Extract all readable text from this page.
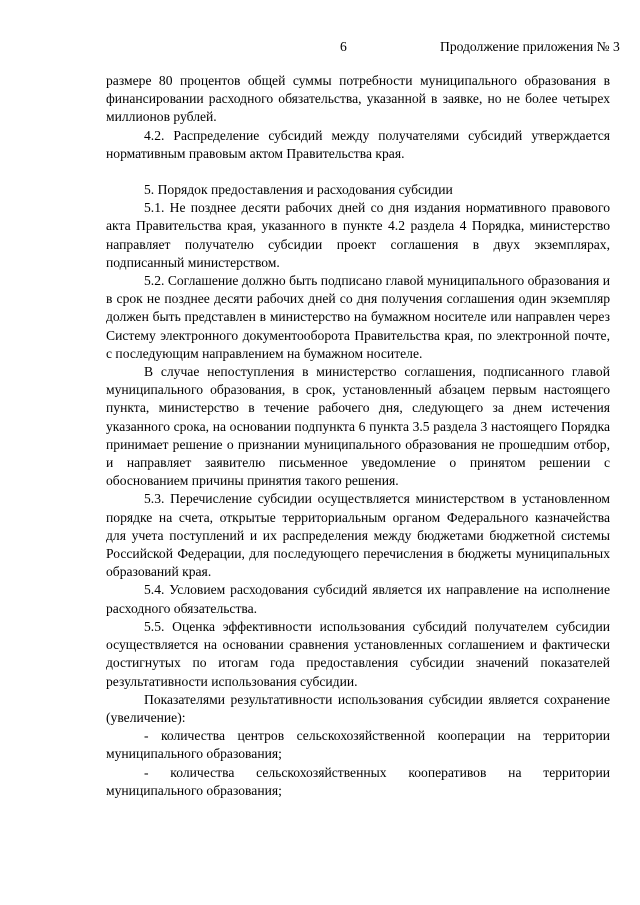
6	Продолжение приложения № 3

размере 80 процентов общей суммы потребности муниципального образования в финансировании расходного обязательства, указанной в заявке, но не более четырех миллионов рублей.

4.2. Распределение субсидий между получателями субсидий утверждается нормативным правовым актом Правительства края.

5. Порядок предоставления и расходования субсидии

5.1. Не позднее десяти рабочих дней со дня издания нормативного правового акта Правительства края, указанного в пункте 4.2 раздела 4 Порядка, министерство направляет получателю субсидии проект соглашения в двух экземплярах, подписанный министерством.

5.2. Соглашение должно быть подписано главой муниципального образования и в срок не позднее десяти рабочих дней со дня получения соглашения один экземпляр должен быть представлен в министерство на бумажном носителе или направлен через Систему электронного документооборота Правительства края, по электронной почте, с последующим направлением на бумажном носителе.

В случае непоступления в министерство соглашения, подписанного главой муниципального образования, в срок, установленный абзацем первым настоящего пункта, министерство в течение рабочего дня, следующего за днем истечения указанного срока, на основании подпункта 6 пункта 3.5 раздела 3 настоящего Порядка принимает решение о признании муниципального образования не прошедшим отбор, и направляет заявителю письменное уведомление о принятом решении с обоснованием причины принятия такого решения.

5.3. Перечисление субсидии осуществляется министерством в установленном порядке на счета, открытые территориальным органом Федерального казначейства для учета поступлений и их распределения между бюджетами бюджетной системы Российской Федерации, для последующего перечисления в бюджеты муниципальных образований края.

5.4. Условием расходования субсидий является их направление на исполнение расходного обязательства.

5.5. Оценка эффективности использования субсидий получателем субсидии осуществляется на основании сравнения установленных соглашением и фактически достигнутых по итогам года предоставления субсидии значений показателей результативности использования субсидии.

Показателями результативности использования субсидии является сохранение (увеличение):

- количества центров сельскохозяйственной кооперации на территории муниципального образования;

- количества сельскохозяйственных кооперативов на территории муниципального образования;
